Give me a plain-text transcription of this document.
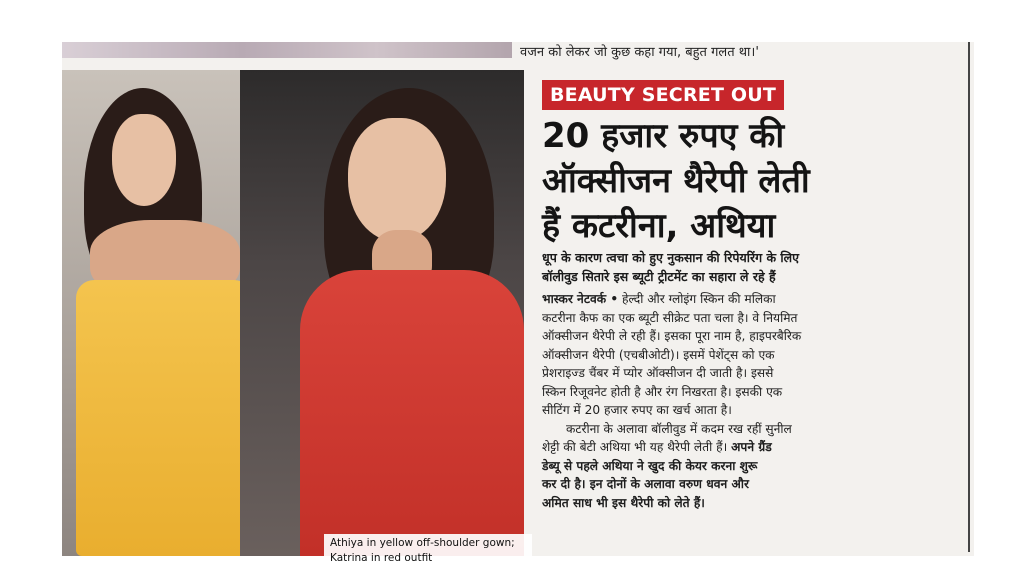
वजन को लेकर जो कुछ कहा गया, बहुत गलत था।'
Athiya in yellow off-shoulder gown; Katrina in red outfit
BEAUTY SECRET OUT
20 हजार रुपए की
ऑक्सीजन थैरेपी लेती
हैं कटरीना, अथिया
धूप के कारण त्वचा को हुए नुकसान की रिपेयरिंग के लिए
बॉलीवुड सितारे इस ब्यूटी ट्रीटमेंट का सहारा ले रहे हैं
भास्कर नेटवर्क • हेल्दी और ग्लोइंग स्किन की मलिका
कटरीना कैफ का एक ब्यूटी सीक्रेट पता चला है। वे नियमित
ऑक्सीजन थैरेपी ले रही हैं। इसका पूरा नाम है, हाइपरबैरिक
ऑक्सीजन थैरेपी (एचबीओटी)। इसमें पेशेंट्स को एक
प्रेशराइज्ड चैंबर में प्योर ऑक्सीजन दी जाती है। इससे
स्किन रिजूवनेट होती है और रंग निखरता है। इसकी एक
सीटिंग में 20 हजार रुपए का खर्च आता है।
कटरीना के अलावा बॉलीवुड में कदम रख रहीं सुनील
शेट्टी की बेटी अथिया भी यह थैरेपी लेती हैं। अपने ग्रैंड
डेब्यू से पहले अथिया ने खुद की केयर करना शुरू
कर दी है। इन दोनों के अलावा वरुण धवन और
अमित साध भी इस थैरेपी को लेते हैं।
